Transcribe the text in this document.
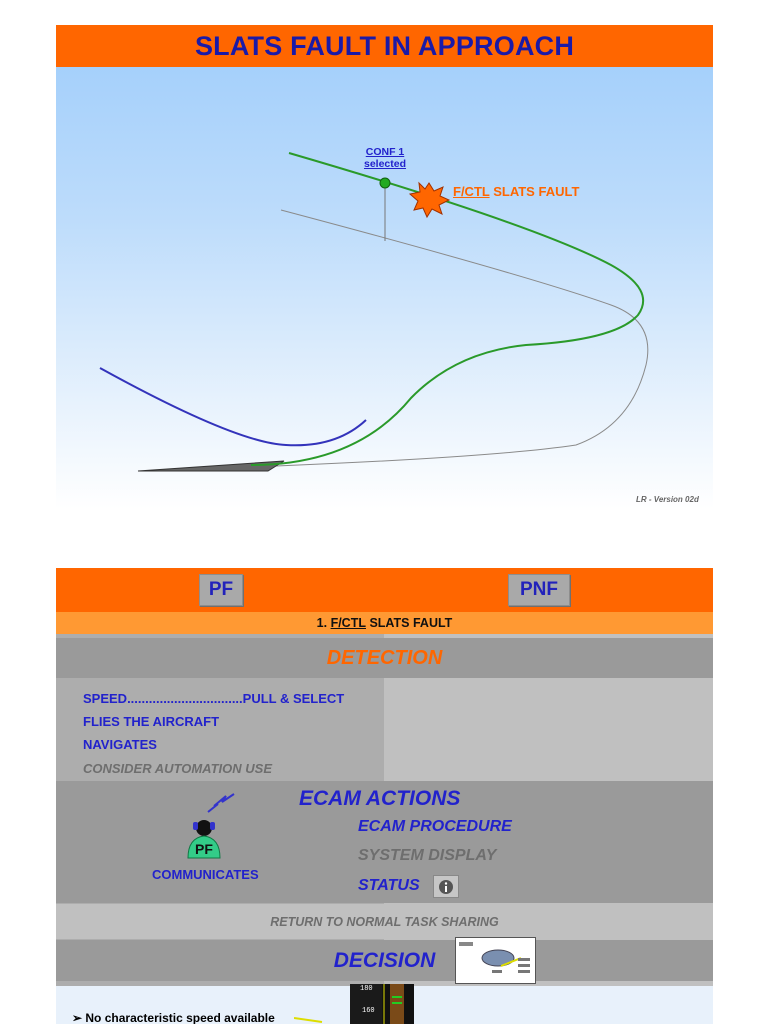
SLATS FAULT IN APPROACH
CONF 1
selected
F/CTL SLATS FAULT
LR - Version 02d
PF	PNF
1. F/CTL SLATS FAULT
DETECTION
SPEED................................PULL & SELECT
FLIES THE AIRCRAFT
NAVIGATES
CONSIDER AUTOMATION USE
ECAM ACTIONS
ECAM PROCEDURE
SYSTEM DISPLAY
STATUS
PF
COMMUNICATES
RETURN TO NORMAL TASK SHARING
DECISION
➢ No characteristic speed available
180
160
